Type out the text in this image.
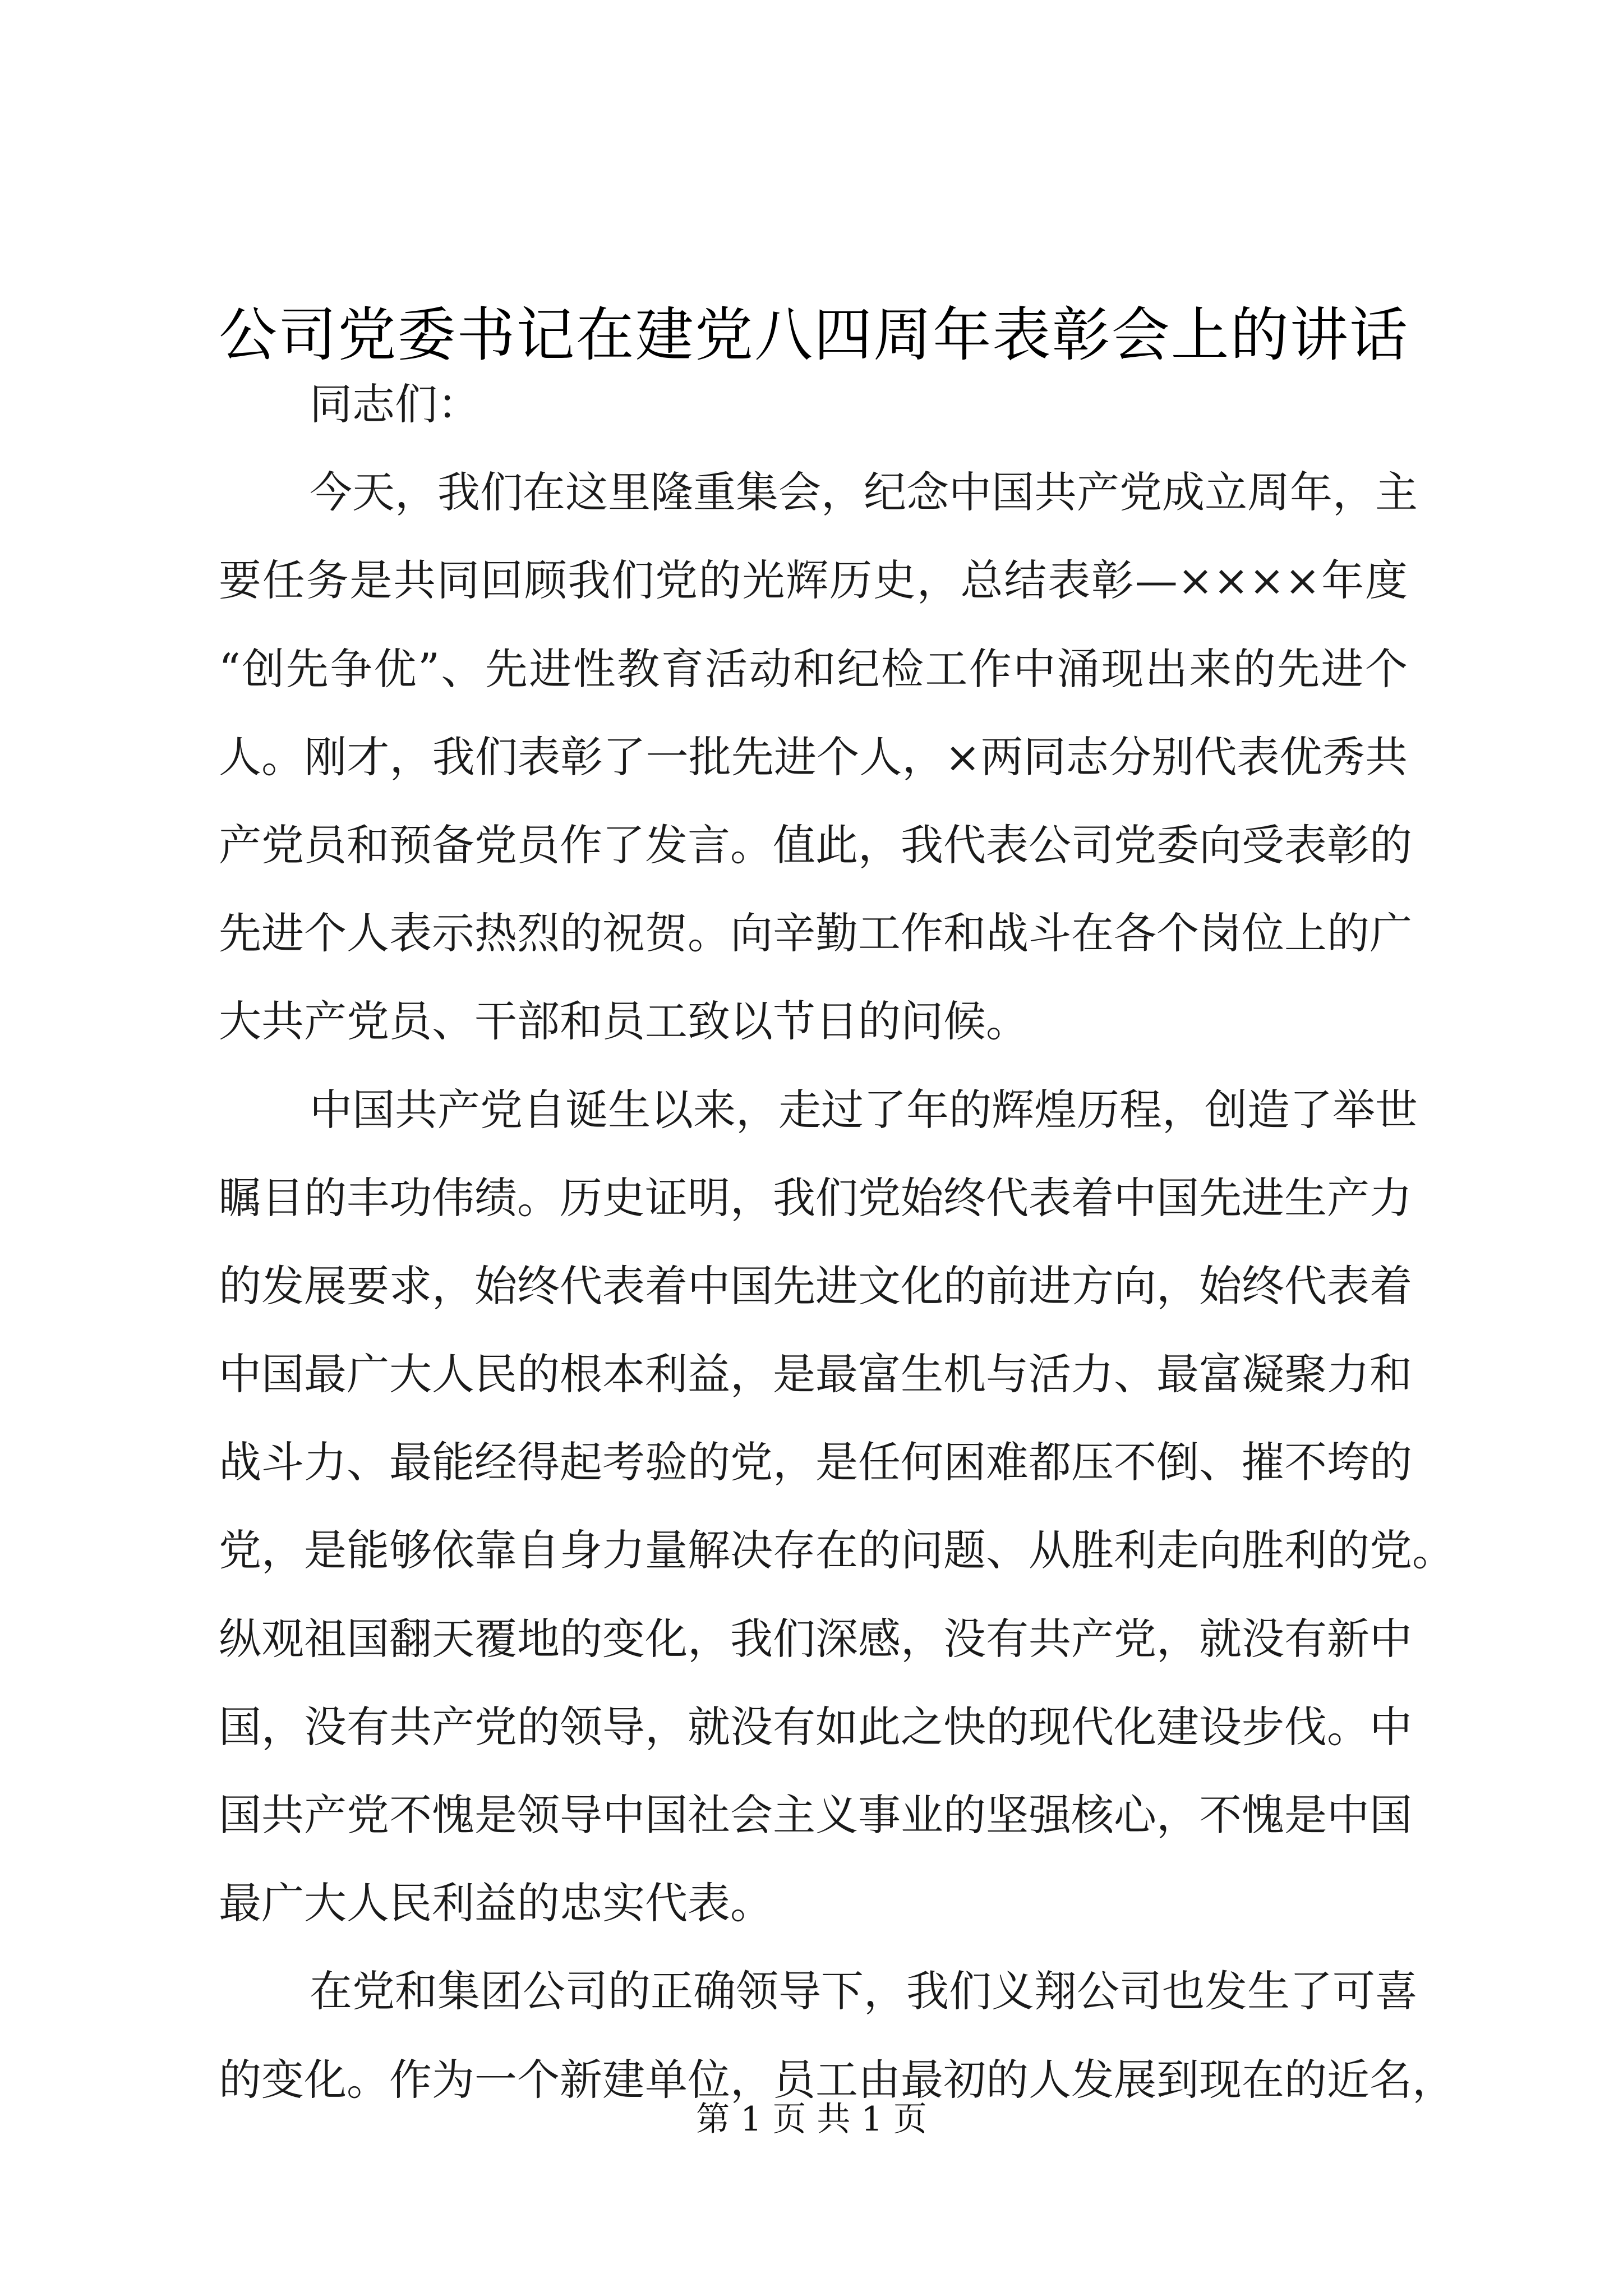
公司党委书记在建党八四周年表彰会上的讲话
同志们：
今天，我们在这里隆重集会，纪念中国共产党成立周年，主
要任务是共同回顾我们党的光辉历史，总结表彰—××××年度
“创先争优”、先进性教育活动和纪检工作中涌现出来的先进个
人。刚才，我们表彰了一批先进个人，×两同志分别代表优秀共
产党员和预备党员作了发言。值此，我代表公司党委向受表彰的
先进个人表示热烈的祝贺。向辛勤工作和战斗在各个岗位上的广
大共产党员、干部和员工致以节日的问候。
中国共产党自诞生以来，走过了年的辉煌历程，创造了举世
瞩目的丰功伟绩。历史证明，我们党始终代表着中国先进生产力
的发展要求，始终代表着中国先进文化的前进方向，始终代表着
中国最广大人民的根本利益，是最富生机与活力、最富凝聚力和
战斗力、最能经得起考验的党，是任何困难都压不倒、摧不垮的
党，是能够依靠自身力量解决存在的问题、从胜利走向胜利的党。
纵观祖国翻天覆地的变化，我们深感，没有共产党，就没有新中
国，没有共产党的领导，就没有如此之快的现代化建设步伐。中
国共产党不愧是领导中国社会主义事业的坚强核心，不愧是中国
最广大人民利益的忠实代表。
在党和集团公司的正确领导下，我们义翔公司也发生了可喜
的变化。作为一个新建单位，员工由最初的人发展到现在的近名，
第 1 页 共 1 页
